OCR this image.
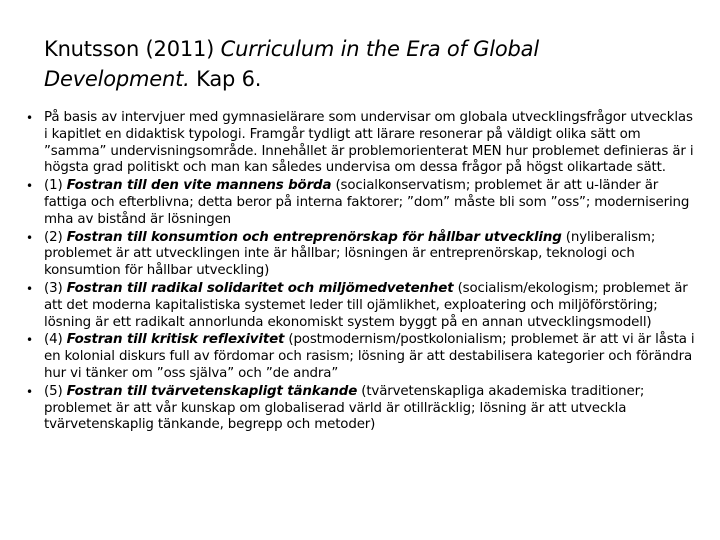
Knutsson (2011) Curriculum in the Era of Global Development. Kap 6.
• På basis av intervjuer med gymnasielärare som undervisar om globala utvecklingsfrågor utvecklas i kapitlet en didaktisk typologi. Framgår tydligt att lärare resonerar på väldigt olika sätt om ”samma” undervisningsområde. Innehållet är problemorienterat MEN hur problemet definieras är i högsta grad politiskt och man kan således undervisa om dessa frågor på högst olikartade sätt.
• (1) Fostran till den vite mannens börda (socialkonservatism; problemet är att u-länder är fattiga och efterblivna; detta beror på interna faktorer; ”dom” måste bli som ”oss”; modernisering mha av bistånd är lösningen
• (2) Fostran till konsumtion och entreprenörskap för hållbar utveckling (nyliberalism; problemet är att utvecklingen inte är hållbar; lösningen är entreprenörskap, teknologi och konsumtion för hållbar utveckling)
• (3) Fostran till radikal solidaritet och miljömedvetenhet (socialism/ekologism; problemet är att det moderna kapitalistiska systemet leder till ojämlikhet, exploatering och miljöförstöring; lösning är ett radikalt annorlunda ekonomiskt system byggt på en annan utvecklingsmodell)
• (4) Fostran till kritisk reflexivitet (postmodernism/postkolonialism; problemet är att vi är låsta i en kolonial diskurs full av fördomar och rasism; lösning är att destabilisera kategorier och förändra hur vi tänker om ”oss själva” och ”de andra”
• (5) Fostran till tvärvetenskapligt tänkande (tvärvetenskapliga akademiska traditioner; problemet är att vår kunskap om globaliserad värld är otillräcklig; lösning är att utveckla tvärvetenskaplig tänkande, begrepp och metoder)
